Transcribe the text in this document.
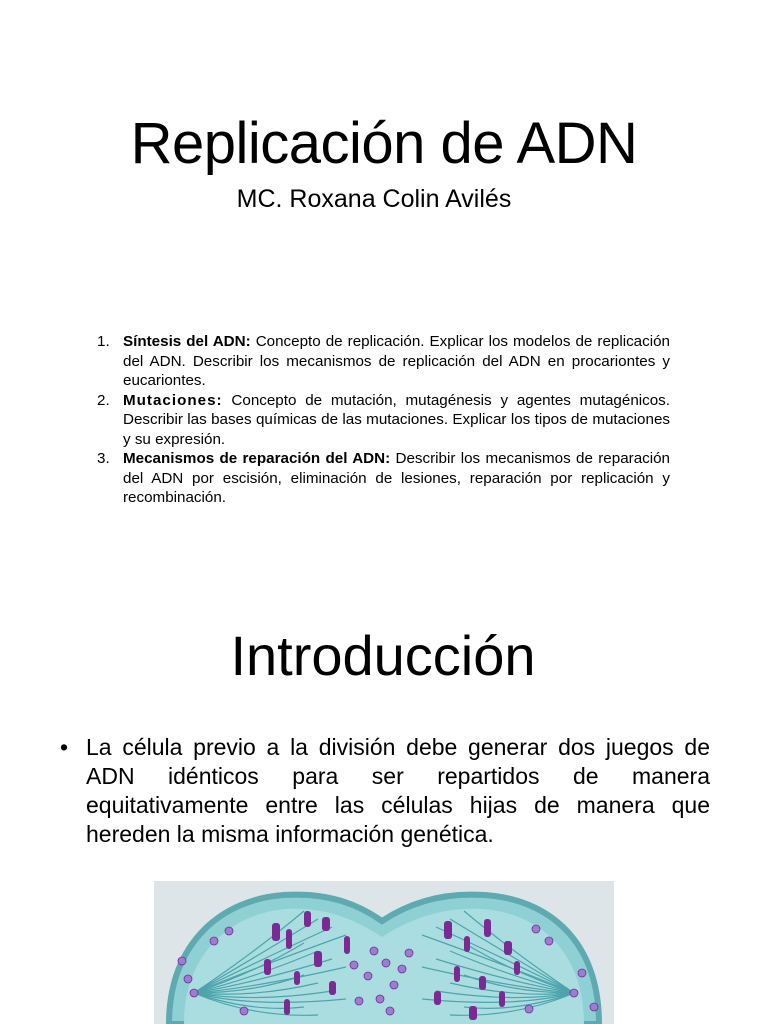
Replicación de ADN

MC. Roxana Colin Avilés

1. Síntesis del ADN: Concepto de replicación. Explicar los modelos de replicación del ADN. Describir los mecanismos de replicación del ADN en procariontes y eucariontes.
2. Mutaciones: Concepto de mutación, mutagénesis y agentes mutagénicos. Describir las bases químicas de las mutaciones. Explicar los tipos de mutaciones y su expresión.
3. Mecanismos de reparación del ADN: Describir los mecanismos de reparación del ADN por escisión, eliminación de lesiones, reparación por replicación y recombinación.
Introducción
• La célula previo a la división debe generar dos juegos de ADN idénticos para ser repartidos de manera equitativamente entre las células hijas de manera que hereden la misma información genética.
